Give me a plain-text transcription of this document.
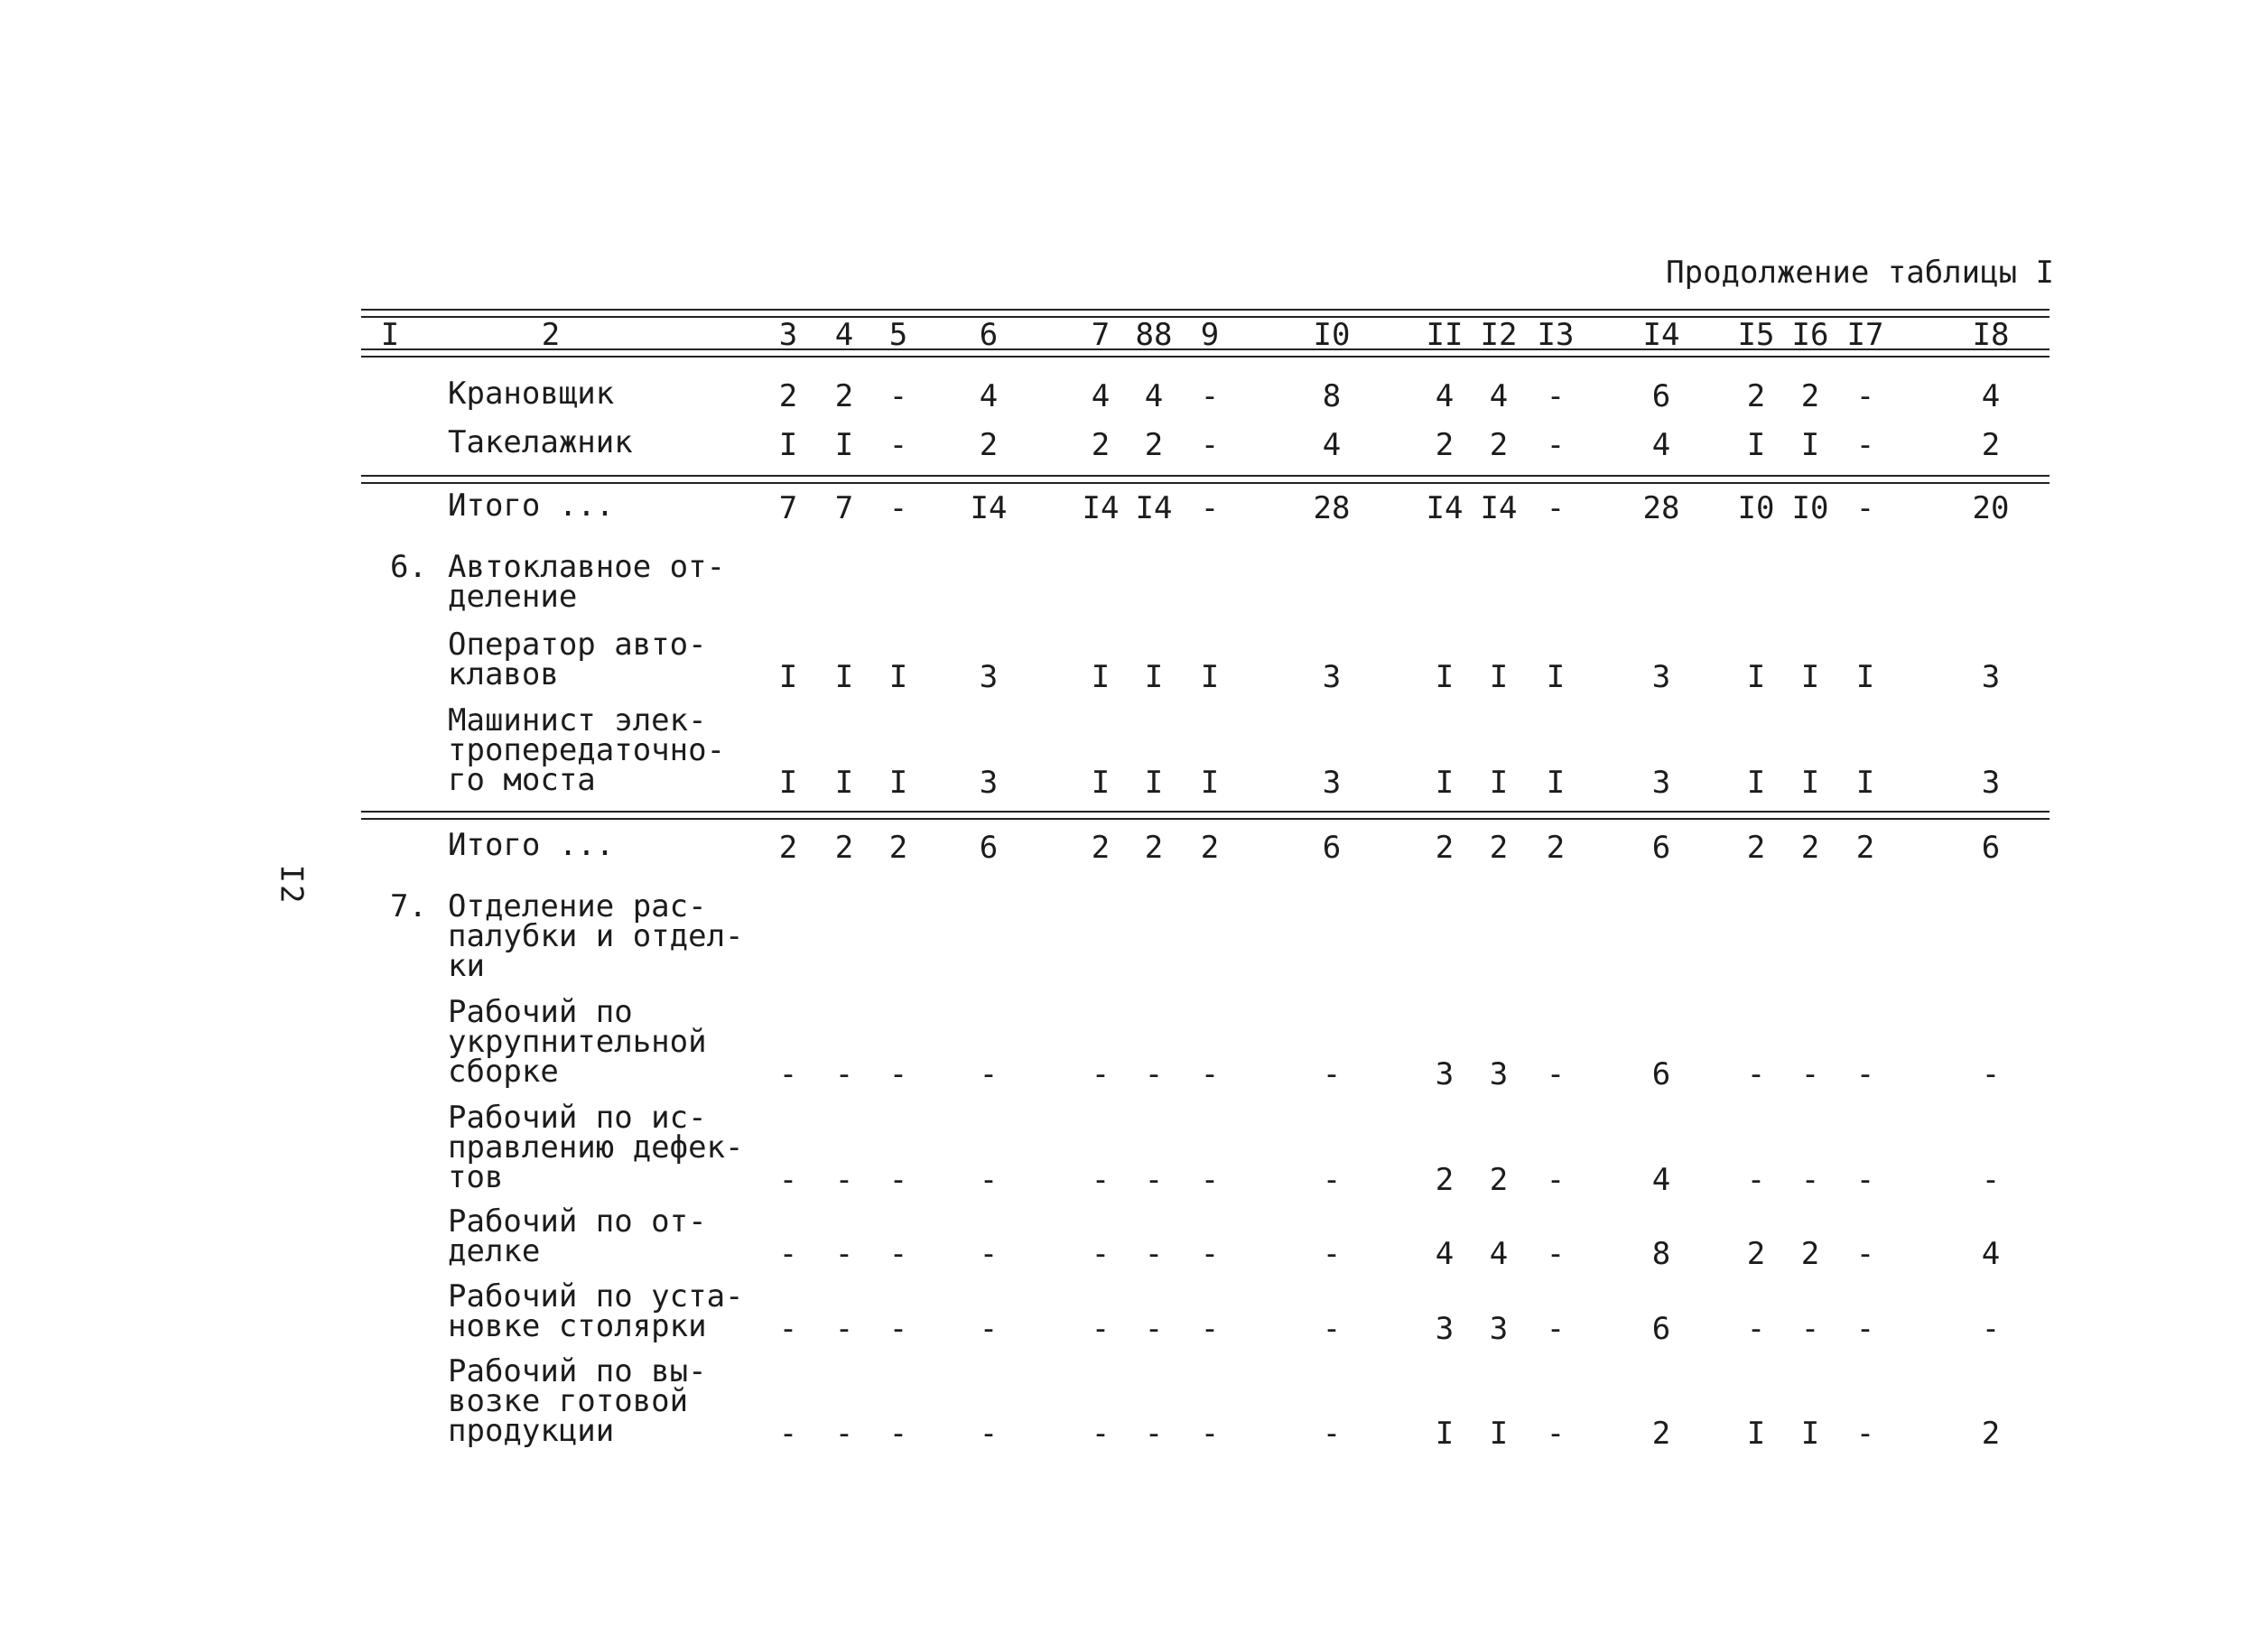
I2
Продолжение таблицы I
I	2	3	4	5	6	7 88 9	I0	II I2 I3	I4	I5 I6 I7	I8
Крановщик	2	2	-	4	4	4	-	8	4	4	-	6	2	2	-	4
Такелажник	I	I	-	2	2	2	-	4	2	2	-	4	I	I	-	2
Итого ...	7	7	-	I4	I4 I4 -	28	I4 I4 -	28	I0 I0 -	20
6. Автоклавное от-
деление
Оператор авто-
клавов	I	I	I	3	I	I	I	3	I	I	I	3	I	I	I	3
Машинист элек-
тропередаточно-
го моста	I	I	I	3	I	I	I	3	I	I	I	3	I	I	I	3
Итого ...	2	2	2	6	2	2	2	6	2	2	2	6	2	2	2	6
7. Отделение рас-
палубки и отдел-
ки
Рабочий по
укрупнительной
сборке	-	-	-	-	-	-	-	-	3	3	-	6	-	-	-	-
Рабочий по ис-
правлению дефек-
тов	-	-	-	-	-	-	-	-	2	2	-	4	-	-	-	-
Рабочий по от-
делке	-	-	-	-	-	-	-	-	4	4	-	8	2	2	-	4
Рабочий по уста-
новке столярки	-	-	-	-	-	-	-	-	3	3	-	6	-	-	-	-
Рабочий по вы-
возке готовой
продукции	-	-	-	-	-	-	-	-	I	I	-	2	I	I	-	2
